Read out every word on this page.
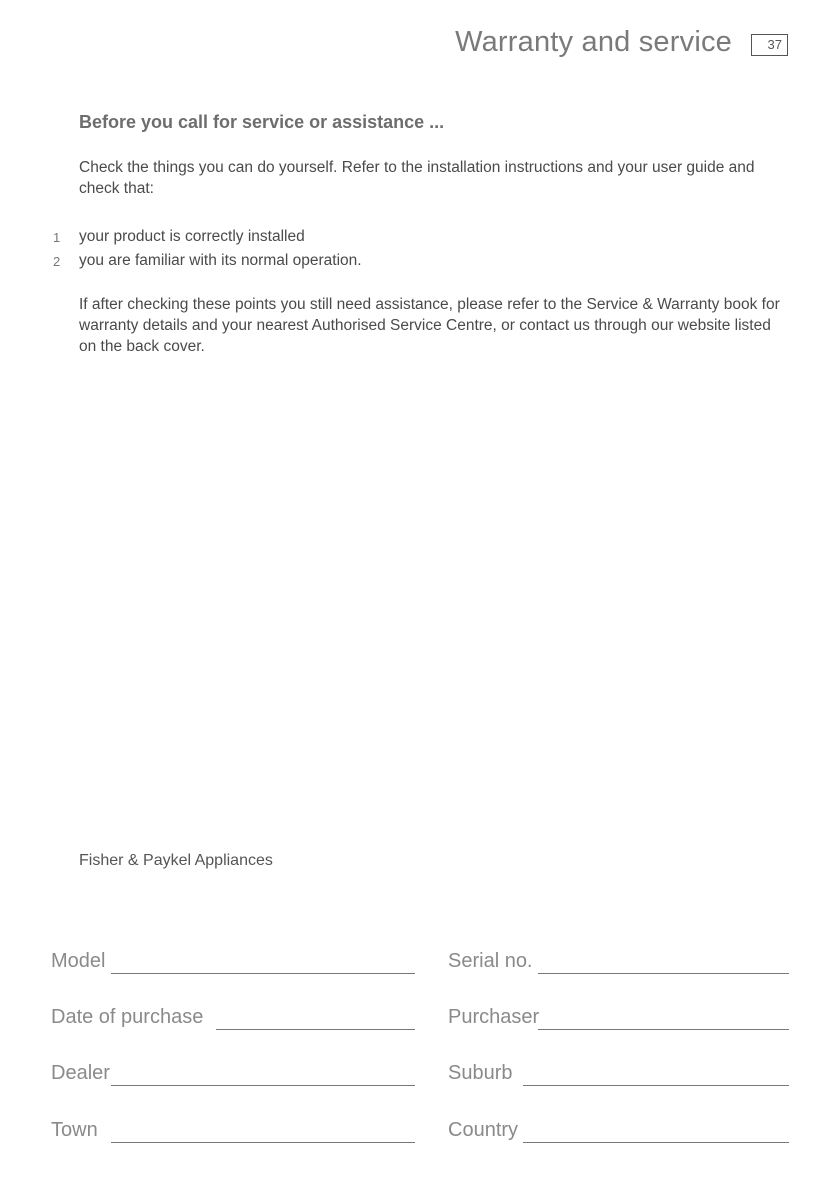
Warranty and service	37
Before you call for service or assistance ...

Check the things you can do yourself. Refer to the installation instructions and your user guide and check that:

1 your product is correctly installed
2 you are familiar with its normal operation.

If after checking these points you still need assistance, please refer to the Service & Warranty book for warranty details and your nearest Authorised Service Centre, or contact us through our website listed on the back cover.

Fisher & Paykel Appliances
Model	Serial no.
Date of purchase	Purchaser
Dealer	Suburb
Town	Country
